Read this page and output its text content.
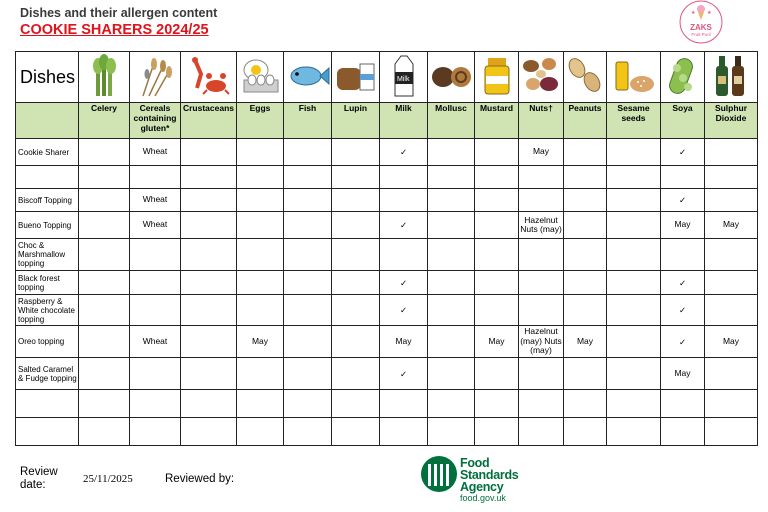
Dishes and their allergen content
COOKIE SHARERS 2024/25
★ ★
ZAKS
Fruit Pool
Dishes							Milk

	Celery	Cereals containing gluten*	Crustaceans	Eggs	Fish	Lupin	Milk	Mollusc	Mustard	Nuts†	Peanuts	Sesame seeds	Soya	Sulphur Dioxide
Cookie Sharer		Wheat					✓			May			✓	

Biscoff Topping		Wheat											✓	
Bueno Topping		Wheat					✓			Hazelnut Nuts (may)			May	May
Choc & Marshmallow topping														
Black forest topping							✓						✓	
Raspberry & White chocolate topping							✓						✓	
Oreo topping		Wheat		May			May		May	Hazelnut (may) Nuts (may)	May		✓	May
Salted Caramel & Fudge topping							✓						May	

Review date:	25/11/2025	Reviewed by:
Food
Standards
Agency
food.gov.uk
